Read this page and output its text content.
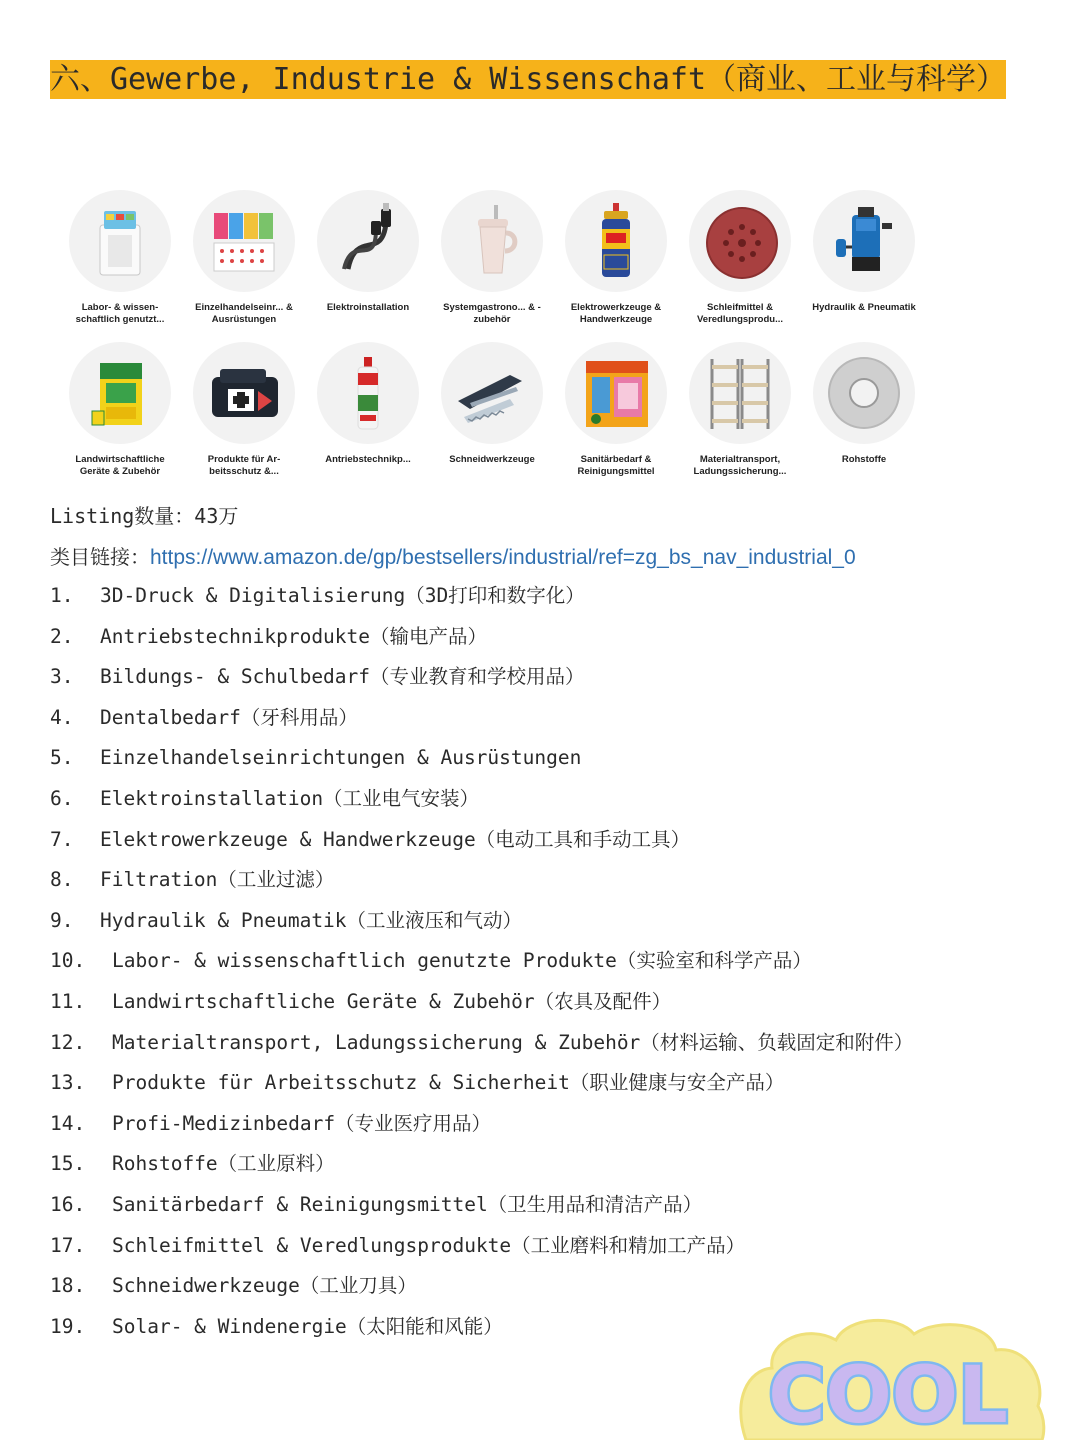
六、Gewerbe, Industrie & Wissenschaft（商业、工业与科学）
Labor- & wissen-schaftlich genutzt...
Einzelhandelseinr... & Ausrüstungen
Elektroinstallation	Systemgastrono... & -zubehör
Elektrowerkzeuge & Handwerkzeuge
Schleifmittel & Veredlungsprodu...
Hydraulik & Pneumatik
Landwirtschaftliche Geräte & Zubehör
Produkte für Ar-beitsschutz &...
Antriebstechnikp...	Schneidwerkzeuge	Sanitärbedarf & Reinigungsmittel
Materialtransport, Ladungssicherung...
Rohstoffe
Listing数量：43万
类目链接：https://www.amazon.de/gp/bestsellers/industrial/ref=zg_bs_nav_industrial_0
1. 3D-Druck & Digitalisierung（3D打印和数字化）
2. Antriebstechnikprodukte（输电产品）
3. Bildungs- & Schulbedarf（专业教育和学校用品）
4. Dentalbedarf（牙科用品）
5. Einzelhandelseinrichtungen & Ausrüstungen
6. Elektroinstallation（工业电气安装）
7. Elektrowerkzeuge & Handwerkzeuge（电动工具和手动工具）
8. Filtration（工业过滤）
9. Hydraulik & Pneumatik（工业液压和气动）
10. Labor- & wissenschaftlich genutzte Produkte（实验室和科学产品）
11. Landwirtschaftliche Geräte & Zubehör（农具及配件）
12. Materialtransport, Ladungssicherung & Zubehör（材料运输、负载固定和附件）
13. Produkte für Arbeitsschutz & Sicherheit（职业健康与安全产品）
14. Profi-Medizinbedarf（专业医疗用品）
15. Rohstoffe（工业原料）
16. Sanitärbedarf & Reinigungsmittel（卫生用品和清洁产品）
17. Schleifmittel & Veredlungsprodukte（工业磨料和精加工产品）
18. Schneidwerkzeuge（工业刀具）
19. Solar- & Windenergie（太阳能和风能）
COOL
